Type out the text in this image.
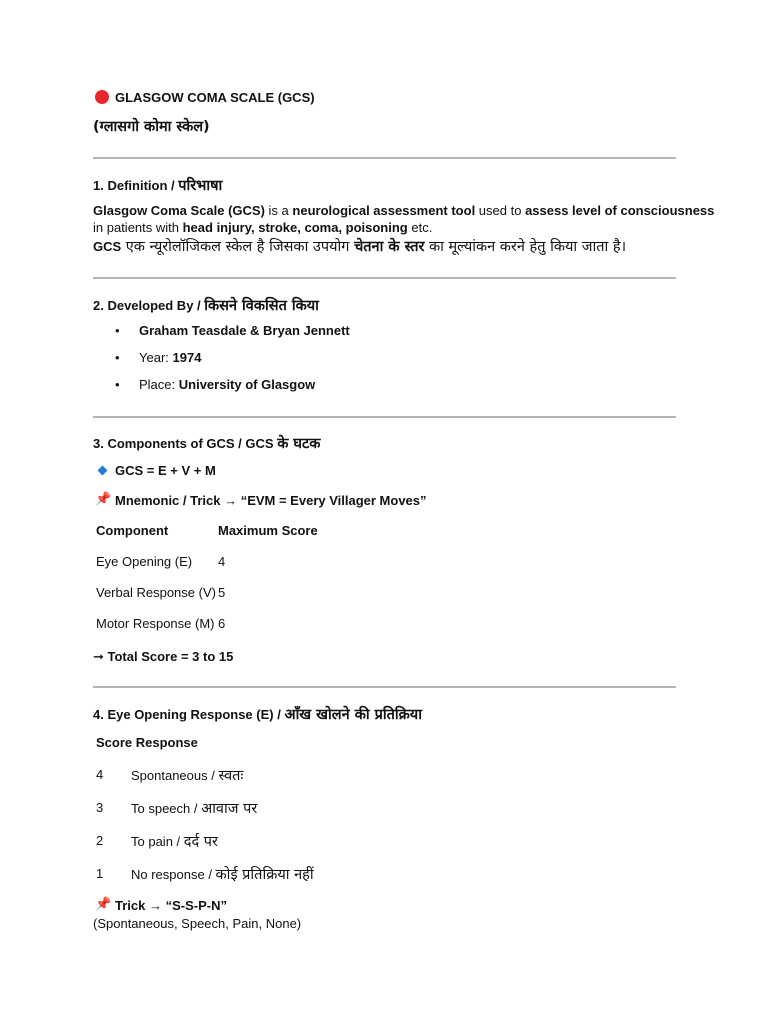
GLASGOW COMA SCALE (GCS)
(ग्लासगो कोमा स्केल)
1. Definition / परिभाषा
Glasgow Coma Scale (GCS) is a neurological assessment tool used to assess level of consciousness
in patients with head injury, stroke, coma, poisoning etc.
GCS एक न्यूरोलॉजिकल स्केल है जिसका उपयोग चेतना के स्तर का मूल्यांकन करने हेतु किया जाता है।
2. Developed By / किसने विकसित किया
• Graham Teasdale & Bryan Jennett
• Year: 1974
• Place: University of Glasgow
3. Components of GCS / GCS के घटक
GCS = E + V + M
📌 Mnemonic / Trick → “EVM = Every Villager Moves”
Component	Maximum Score
Eye Opening (E) 4
Verbal Response (V) 5
Motor Response (M) 6
➞ Total Score = 3 to 15
4. Eye Opening Response (E) / आँख खोलने की प्रतिक्रिया
Score Response
4 Spontaneous / स्वतः
3 To speech / आवाज पर
2 To pain / दर्द पर
1 No response / कोई प्रतिक्रिया नहीं
📌 Trick → “S-S-P-N”
(Spontaneous, Speech, Pain, None)
